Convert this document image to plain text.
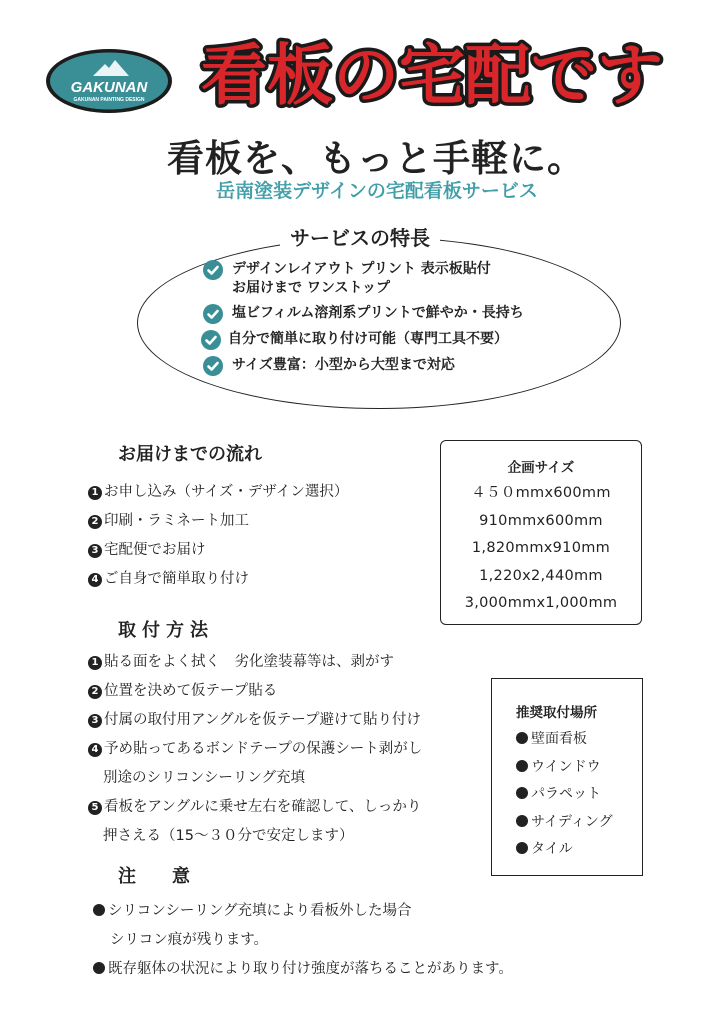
GAKUNAN
GAKUNAN PAINTING DESIGN 看板の宅配です
看板を、もっと手軽に。
岳南塗装デザインの宅配看板サービス
サービスの特長
デザインレイアウト プリント 表示板貼付
お届けまで ワンストップ
塩ビフィルム溶剤系プリントで鮮やか・長持ち
自分で簡単に取り付け可能（専門工具不要）
サイズ豊富：小型から大型まで対応
お届けまでの流れ
1 お申し込み（サイズ・デザイン選択）
2 印刷・ラミネート加工
3 宅配便でお届け
4 ご自身で簡単取り付け
企画サイズ
４５０mmx600mm
910mmx600mm
1,820mmx910mm
1,220x2,440mm
3,000mmx1,000mm
取付方法
1 貼る面をよく拭く　劣化塗装幕等は、剥がす
2 位置を決めて仮テープ貼る
3 付属の取付用アングルを仮テープ避けて貼り付け
4 予め貼ってあるボンドテープの保護シート剥がし
別途のシリコンシーリング充填
5 看板をアングルに乗せ左右を確認して、しっかり
押さえる（15〜３０分で安定します）
推奨取付場所
壁面看板
ウインドウ
パラペット
サイディング
タイル
注　　意
シリコンシーリング充填により看板外した場合
シリコン痕が残ります。
既存躯体の状況により取り付け強度が落ちることがあります。
